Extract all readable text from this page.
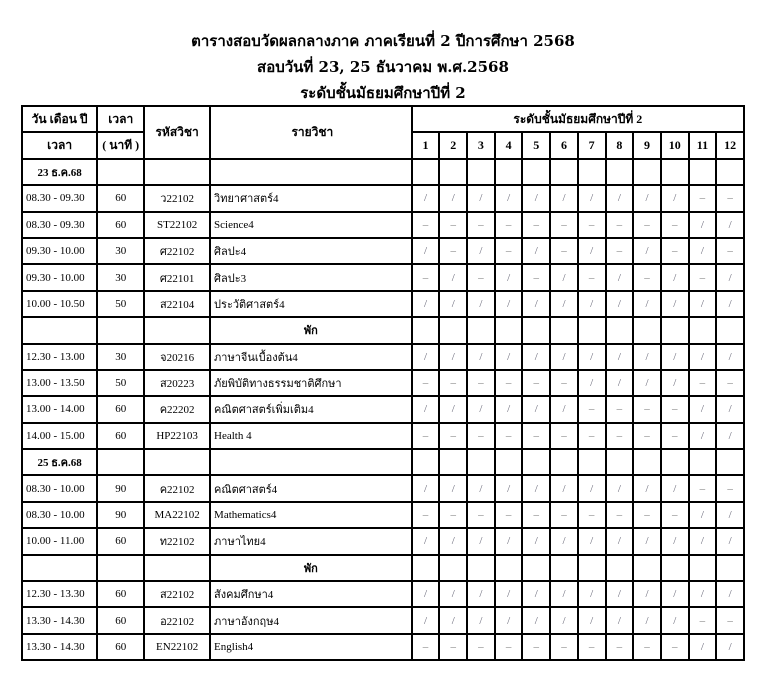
ตารางสอบวัดผลกลางภาค ภาคเรียนที่ 2 ปีการศึกษา 2568
สอบวันที่ 23, 25 ธันวาคม พ.ศ.2568
ระดับชั้นมัธยมศึกษาปีที่ 2
วัน เดือน ปี	เวลา	รหัสวิชา	รายวิชา	ระดับชั้นมัธยมศึกษาปีที่ 2											
เวลา	( นาที )			1	2	3	4	5	6	7	8	9	10	11	12
23 ธ.ค.68															
08.30 - 09.30	60	ว22102	วิทยาศาสตร์4	/	/	/	/	/	/	/	/	/	/	–	–
08.30 - 09.30	60	ST22102	Science4	–	–	–	–	–	–	–	–	–	–	/	/
09.30 - 10.00	30	ศ22102	ศิลปะ4	/	–	/	–	/	–	/	–	/	–	/	–
09.30 - 10.00	30	ศ22101	ศิลปะ3	–	/	–	/	–	/	–	/	–	/	–	/
10.00 - 10.50	50	ส22104	ประวัติศาสตร์4	/	/	/	/	/	/	/	/	/	/	/	/
			พัก												
12.30 - 13.00	30	จ20216	ภาษาจีนเบื้องต้น4	/	/	/	/	/	/	/	/	/	/	/	/
13.00 - 13.50	50	ส20223	ภัยพิบัติทางธรรมชาติศึกษา	–	–	–	–	–	–	/	/	/	/	–	–
13.00 - 14.00	60	ค22202	คณิตศาสตร์เพิ่มเติม4	/	/	/	/	/	/	–	–	–	–	/	/
14.00 - 15.00	60	HP22103	Health 4	–	–	–	–	–	–	–	–	–	–	/	/
25 ธ.ค.68															
08.30 - 10.00	90	ค22102	คณิตศาสตร์4	/	/	/	/	/	/	/	/	/	/	–	–
08.30 - 10.00	90	MA22102	Mathematics4	–	–	–	–	–	–	–	–	–	–	/	/
10.00 - 11.00	60	ท22102	ภาษาไทย4	/	/	/	/	/	/	/	/	/	/	/	/
			พัก												
12.30 - 13.30	60	ส22102	สังคมศึกษา4	/	/	/	/	/	/	/	/	/	/	/	/
13.30 - 14.30	60	อ22102	ภาษาอังกฤษ4	/	/	/	/	/	/	/	/	/	/	–	–
13.30 - 14.30	60	EN22102	English4	–	–	–	–	–	–	–	–	–	–	/	/
